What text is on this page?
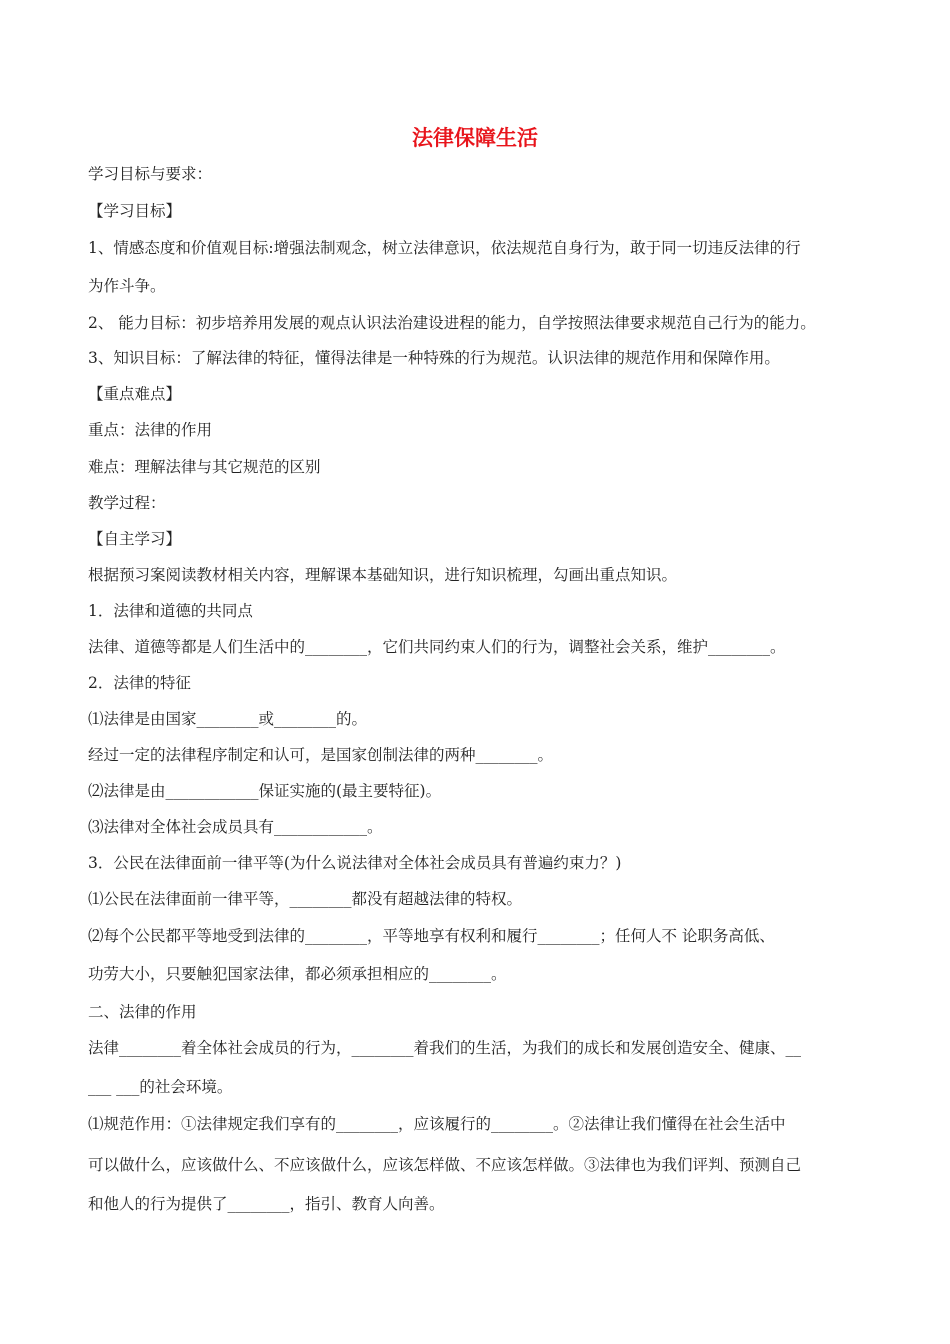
法律保障生活
学习目标与要求：
【学习目标】
1、情感态度和价值观目标:增强法制观念，树立法律意识，依法规范自身行为，敢于同一切违反法律的行
为作斗争。
2、 能力目标：初步培养用发展的观点认识法治建设进程的能力，自学按照法律要求规范自己行为的能力。
3、知识目标：了解法律的特征，懂得法律是一种特殊的行为规范。认识法律的规范作用和保障作用。
【重点难点】
重点：法律的作用
难点：理解法律与其它规范的区别
教学过程：
【自主学习】
根据预习案阅读教材相关内容，理解课本基础知识，进行知识梳理，勾画出重点知识。
1．法律和道德的共同点
法律、道德等都是人们生活中的________，它们共同约束人们的行为，调整社会关系，维护________。
2．法律的特征
⑴法律是由国家________或________的。
经过一定的法律程序制定和认可，是国家创制法律的两种________。
⑵法律是由____________保证实施的(最主要特征)。
⑶法律对全体社会成员具有____________。
3．公民在法律面前一律平等(为什么说法律对全体社会成员具有普遍约束力？)
⑴公民在法律面前一律平等，________都没有超越法律的特权。
⑵每个公民都平等地受到法律的________，平等地享有权利和履行________；任何人不 论职务高低、
功劳大小，只要触犯国家法律，都必须承担相应的________。
二、法律的作用
法律________着全体社会成员的行为，________着我们的生活，为我们的成长和发展创造安全、健康、__
___ ___的社会环境。
⑴规范作用：①法律规定我们享有的________，应该履行的________。②法律让我们懂得在社会生活中
可以做什么，应该做什么、不应该做什么，应该怎样做、不应该怎样做。③法律也为我们评判、预测自己
和他人的行为提供了________，指引、教育人向善。
